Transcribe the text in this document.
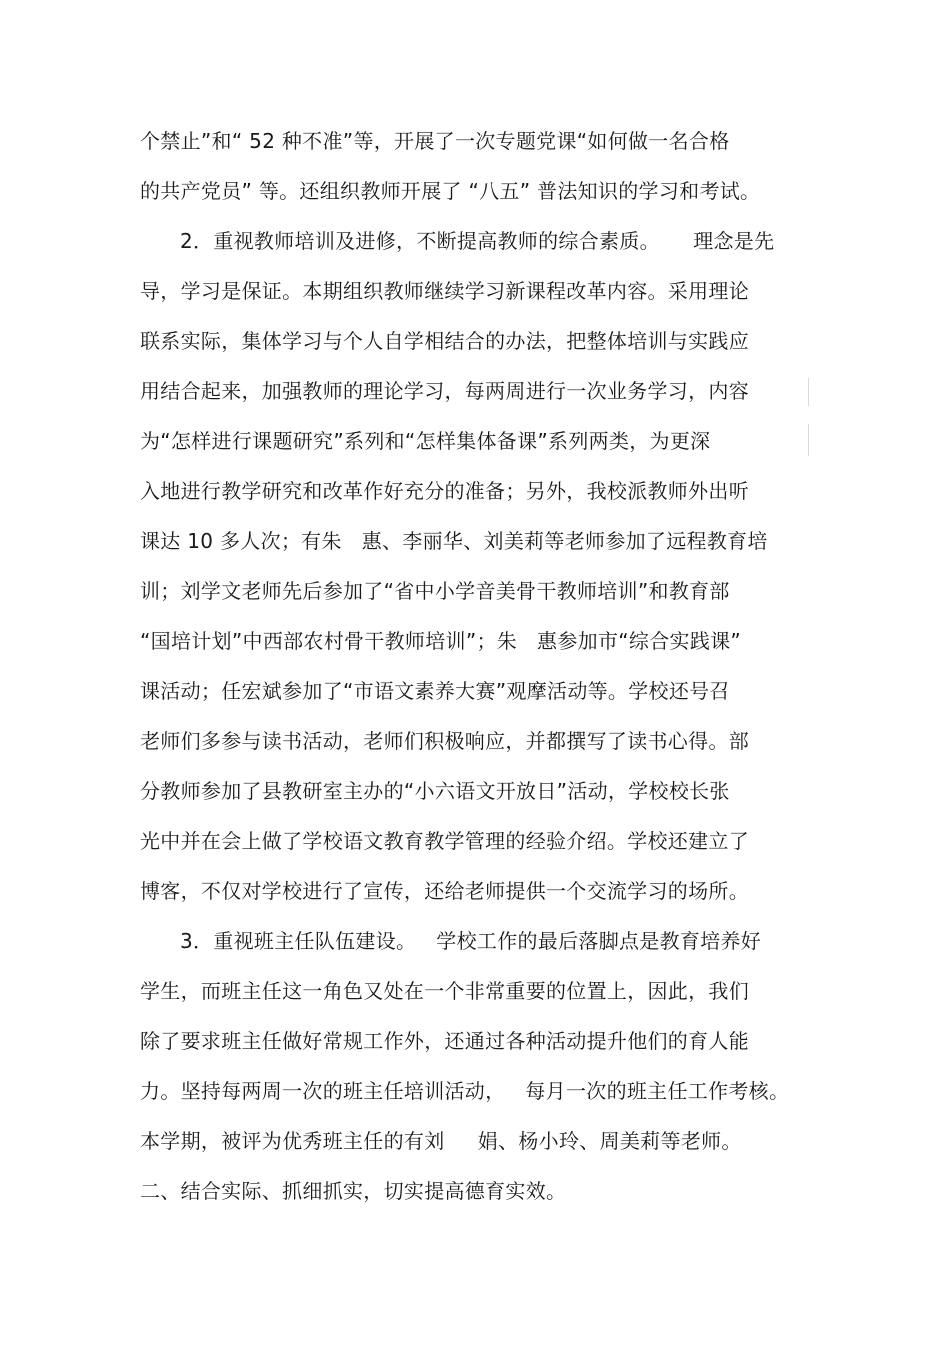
个禁止”和“ 52 种不准”等，开展了一次专题党课“如何做一名合格
的共产党员” 等。还组织教师开展了 “八五” 普法知识的学习和考试。
2．重视教师培训及进修，不断提高教师的综合素质。     理念是先
导，学习是保证。本期组织教师继续学习新课程改革内容。采用理论
联系实际，集体学习与个人自学相结合的办法，把整体培训与实践应
用结合起来，加强教师的理论学习，每两周进行一次业务学习，内容
为“怎样进行课题研究”系列和“怎样集体备课”系列两类，为更深
入地进行教学研究和改革作好充分的准备；另外，我校派教师外出听
课达 10 多人次；有朱   惠、李丽华、刘美莉等老师参加了远程教育培
训；刘学文老师先后参加了“省中小学音美骨干教师培训”和教育部
“国培计划”中西部农村骨干教师培训”；朱   惠参加市“综合实践课”
课活动；任宏斌参加了“市语文素养大赛”观摩活动等。学校还号召
老师们多参与读书活动，老师们积极响应，并都撰写了读书心得。部
分教师参加了县教研室主办的“小六语文开放日”活动，学校校长张
光中并在会上做了学校语文教育教学管理的经验介绍。学校还建立了
博客，不仅对学校进行了宣传，还给老师提供一个交流学习的场所。
3．重视班主任队伍建设。   学校工作的最后落脚点是教育培养好
学生，而班主任这一角色又处在一个非常重要的位置上，因此，我们
除了要求班主任做好常规工作外，还通过各种活动提升他们的育人能
力。坚持每两周一次的班主任培训活动，   每月一次的班主任工作考核。
本学期，被评为优秀班主任的有刘     娟、杨小玲、周美莉等老师。
二、结合实际、抓细抓实，切实提高德育实效。
